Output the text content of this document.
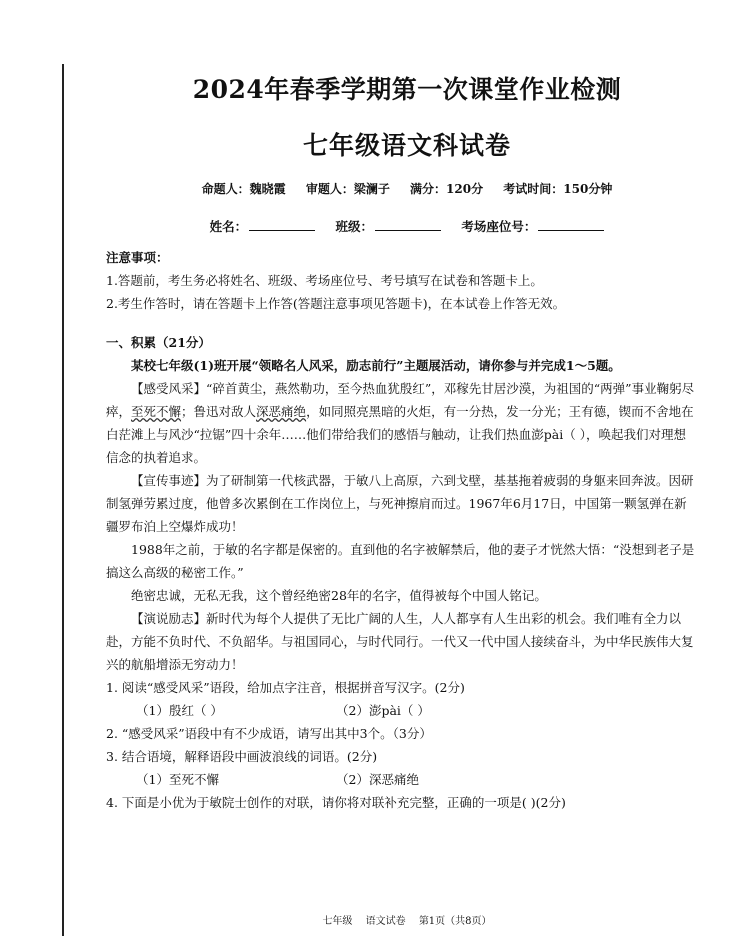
2024年春季学期第一次课堂作业检测
七年级语文科试卷
命题人：魏晓霞 审题人：梁澜子 满分：120分 考试时间：150分钟
姓名：	班级：	考场座位号：

注意事项：

1.答题前，考生务必将姓名、班级、考场座位号、考号填写在试卷和答题卡上。

2.考生作答时，请在答题卡上作答(答题注意事项见答题卡)，在本试卷上作答无效。

一、积累（21分）

某校七年级(1)班开展“领略名人风采，励志前行”主题展活动，请你参与并完成1～5题。

【感受风采】“碎首黄尘，燕然勒功，至今热血犹殷红”，邓稼先甘居沙漠，为祖国的“两弹”事业鞠躬尽瘁，至死不懈；鲁迅对敌人深恶痛绝，如同照亮黑暗的火炬，有一分热，发一分光；王有德，锲而不舍地在白茫滩上与风沙“拉锯”四十余年……他们带给我们的感悟与触动，让我们热血澎pài（ ），唤起我们对理想信念的执着追求。

【宣传事迹】为了研制第一代核武器，于敏八上高原，六到戈壁，基基拖着疲弱的身躯来回奔波。因研制氢弹劳累过度，他曾多次累倒在工作岗位上，与死神擦肩而过。1967年6月17日，中国第一颗氢弹在新疆罗布泊上空爆炸成功！

1988年之前，于敏的名字都是保密的。直到他的名字被解禁后，他的妻子才恍然大悟：“没想到老子是搞这么高级的秘密工作。”

绝密忠诚，无私无我，这个曾经绝密28年的名字，值得被每个中国人铭记。

【演说励志】新时代为每个人提供了无比广阔的人生，人人都享有人生出彩的机会。我们唯有全力以赴，方能不负时代、不负韶华。与祖国同心，与时代同行。一代又一代中国人接续奋斗，为中华民族伟大复兴的航船增添无穷动力！

1. 阅读“感受风采”语段，给加点字注音，根据拼音写汉字。(2分)

（1）殷红（ ）	（2）澎pài（ ）

2. “感受风采”语段中有不少成语，请写出其中3个。（3分）

3. 结合语境，解释语段中画波浪线的词语。(2分)

（1）至死不懈	（2）深恶痛绝

4. 下面是小优为于敏院士创作的对联，请你将对联补充完整，正确的一项是( )(2分)

七年级 语文试卷 第1页（共8页）
